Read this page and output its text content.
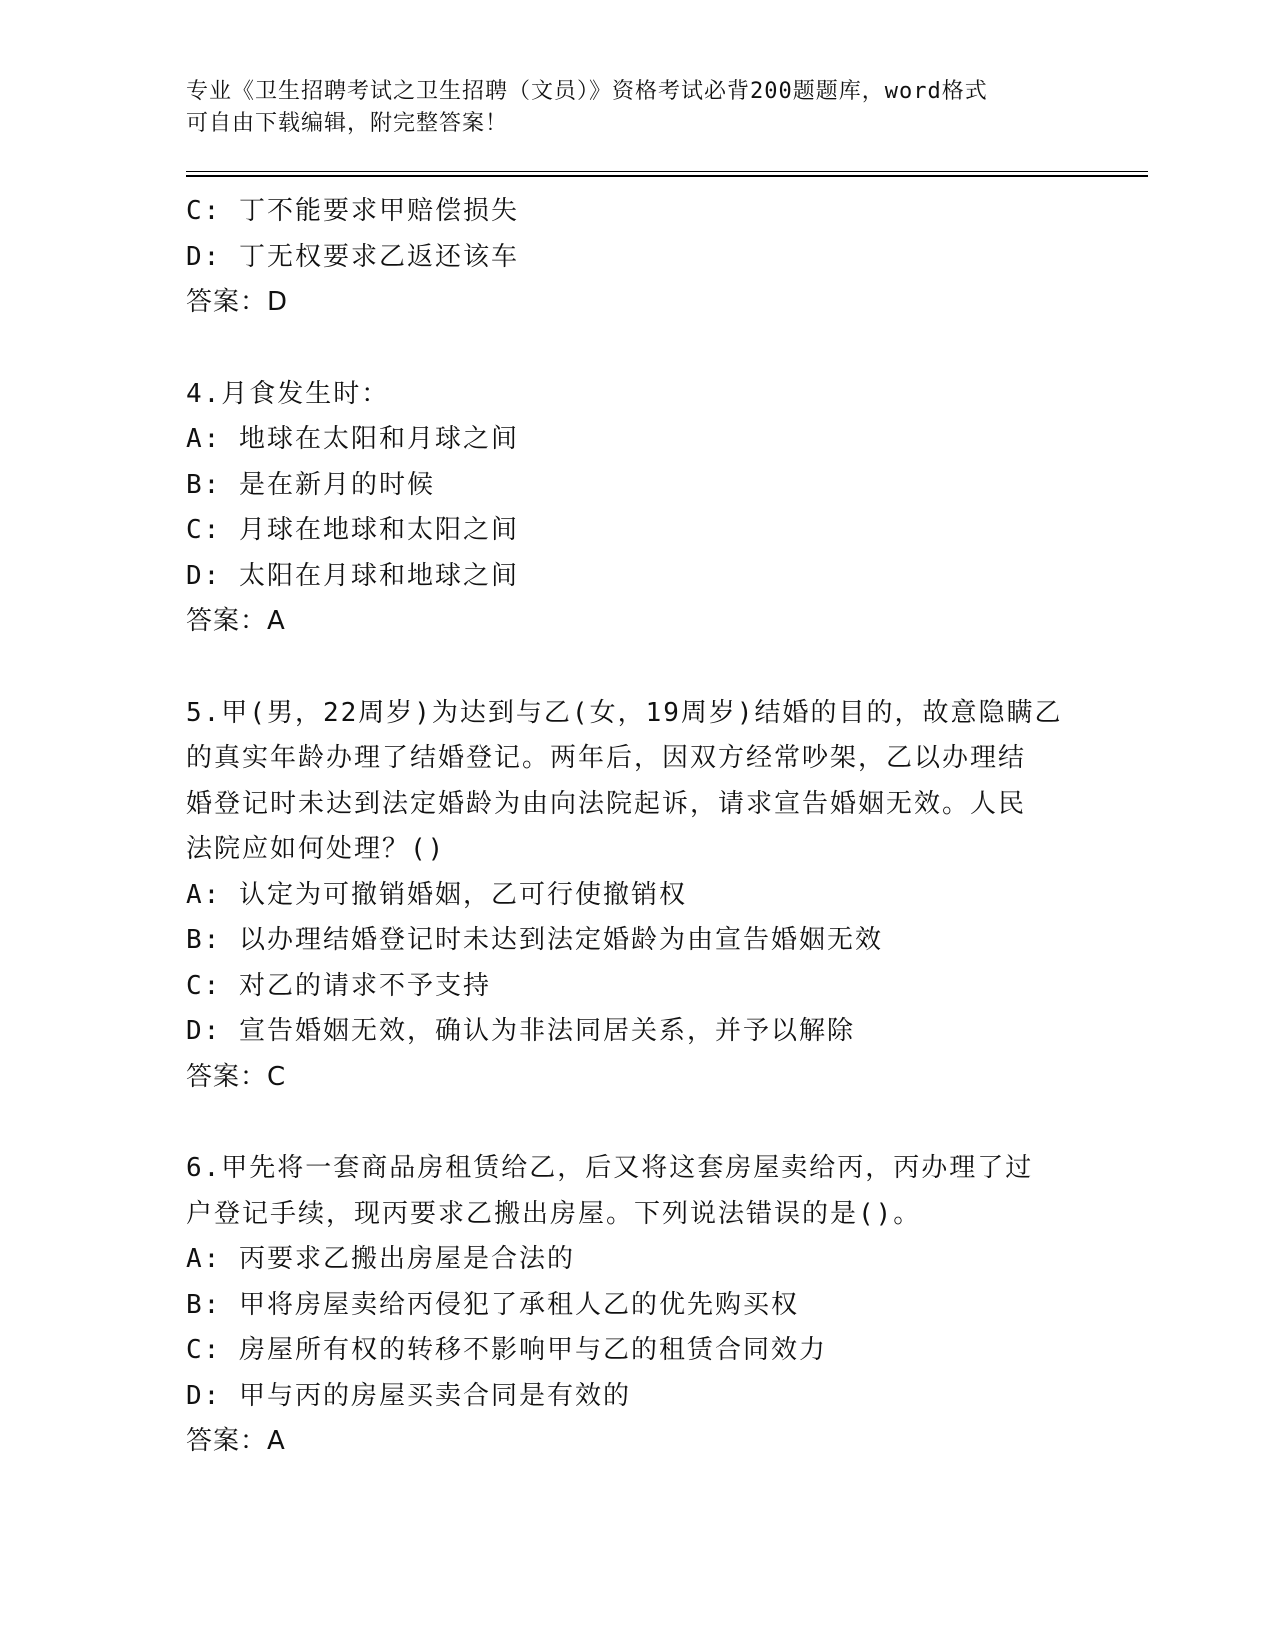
专业《卫生招聘考试之卫生招聘（文员）》资格考试必背200题题库，word格式
可自由下载编辑，附完整答案！
C: 丁不能要求甲赔偿损失
D: 丁无权要求乙返还该车
答案：D
4.月食发生时：
A: 地球在太阳和月球之间
B: 是在新月的时候
C: 月球在地球和太阳之间
D: 太阳在月球和地球之间
答案：A
5.甲(男，22周岁)为达到与乙(女，19周岁)结婚的目的，故意隐瞒乙
的真实年龄办理了结婚登记。两年后，因双方经常吵架，乙以办理结
婚登记时未达到法定婚龄为由向法院起诉，请求宣告婚姻无效。人民
法院应如何处理？()
A: 认定为可撤销婚姻，乙可行使撤销权
B: 以办理结婚登记时未达到法定婚龄为由宣告婚姻无效
C: 对乙的请求不予支持
D: 宣告婚姻无效，确认为非法同居关系，并予以解除
答案：C
6.甲先将一套商品房租赁给乙，后又将这套房屋卖给丙，丙办理了过
户登记手续，现丙要求乙搬出房屋。下列说法错误的是()。
A: 丙要求乙搬出房屋是合法的
B: 甲将房屋卖给丙侵犯了承租人乙的优先购买权
C: 房屋所有权的转移不影响甲与乙的租赁合同效力
D: 甲与丙的房屋买卖合同是有效的
答案：A
